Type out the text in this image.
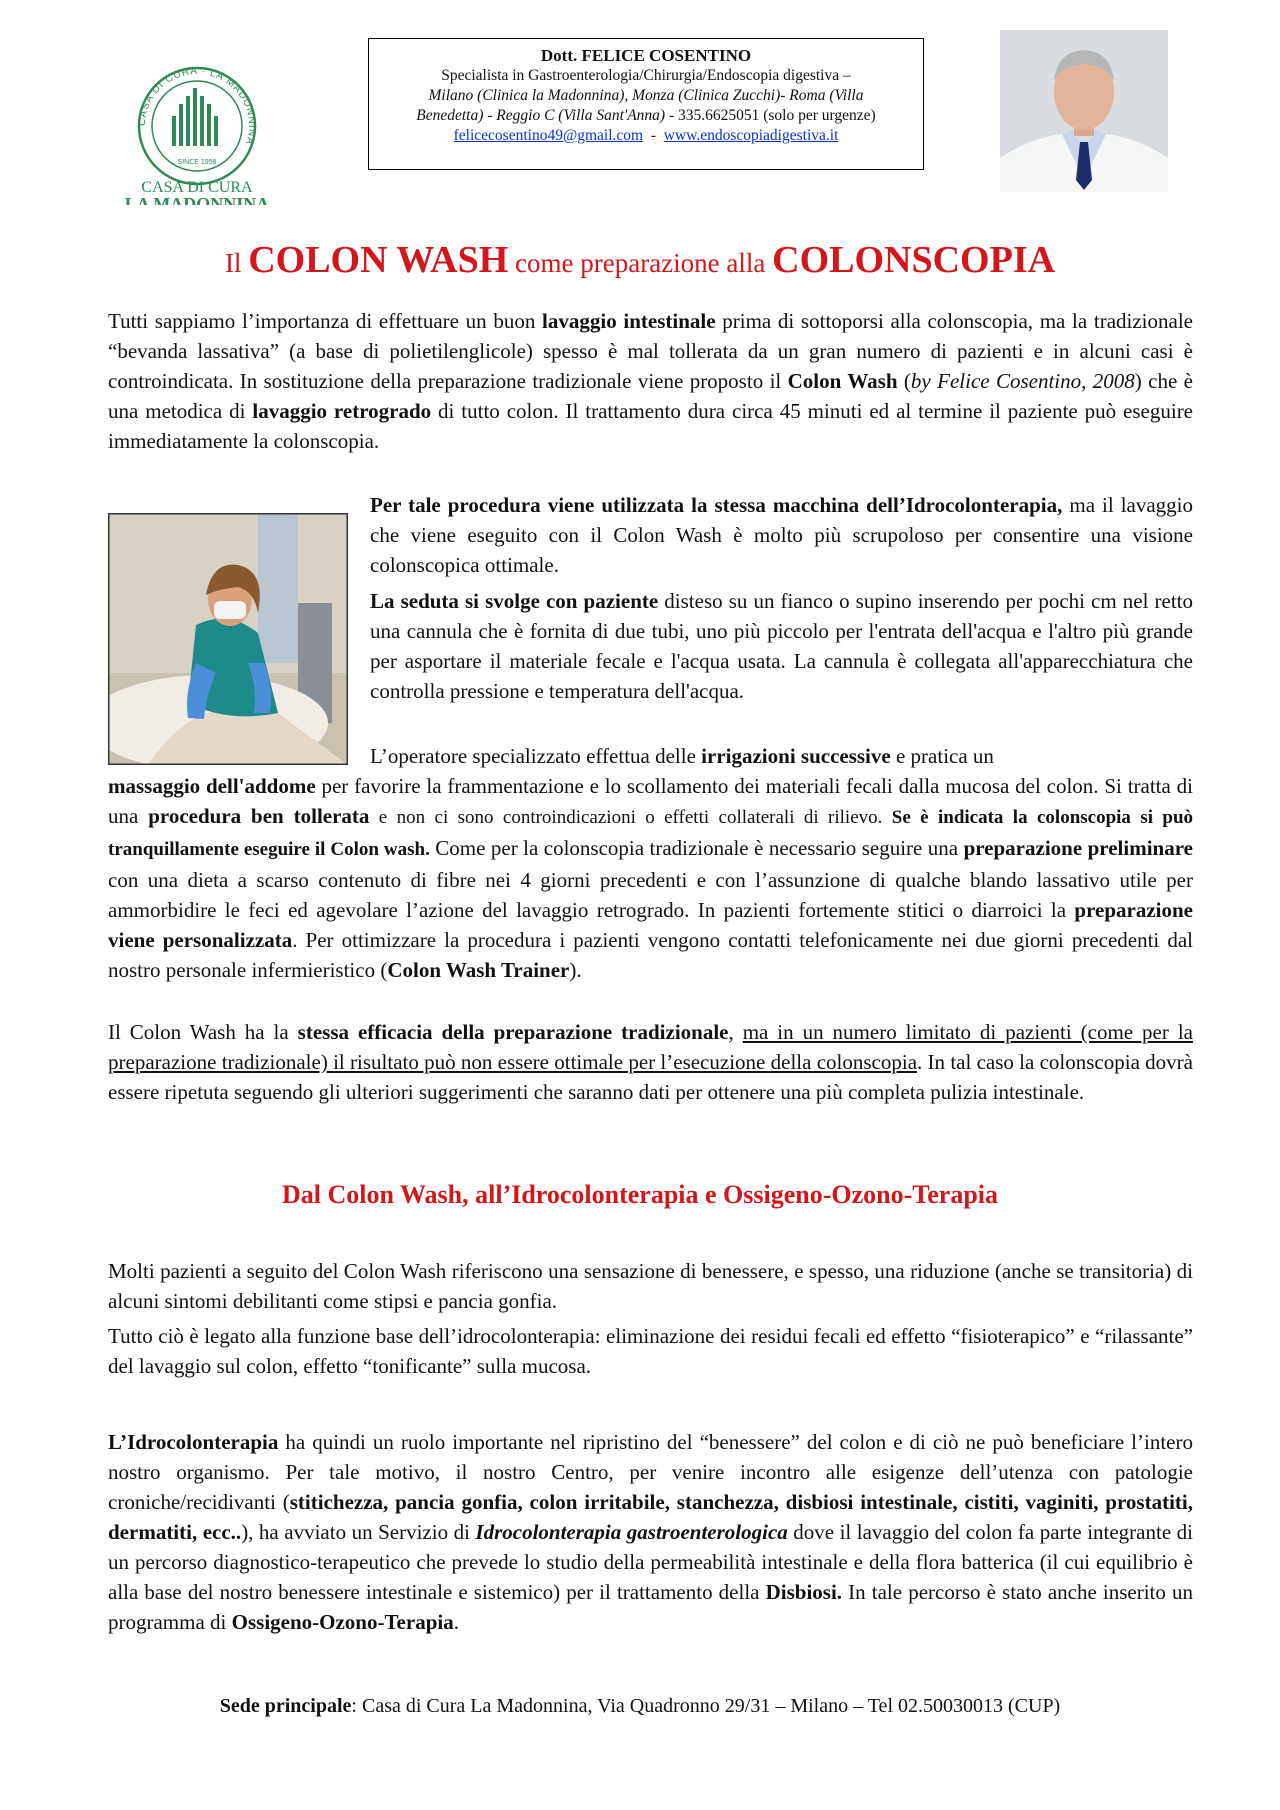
CASA DI CURA · LA MADONNINA
SINCE 1958
CASA DI CURA
LA MADONNINA
Dott. FELICE COSENTINO
Specialista in Gastroenterologia/Chirurgia/Endoscopia digestiva –
Milano (Clinica la Madonnina), Monza (Clinica Zucchi)- Roma (Villa
Benedetta) - Reggio C (Villa Sant'Anna) - 335.6625051 (solo per urgenze)
felicecosentino49@gmail.com  -  www.endoscopiadigestiva.it
Il COLON WASH come preparazione alla COLONSCOPIA
Tutti sappiamo l’importanza di effettuare un buon lavaggio intestinale prima di sottoporsi alla colonscopia, ma la tradizionale “bevanda lassativa” (a base di polietilenglicole) spesso è mal tollerata da un gran numero di pazienti e in alcuni casi è controindicata. In sostituzione della preparazione tradizionale viene proposto il Colon Wash (by Felice Cosentino, 2008) che è una metodica di lavaggio retrogrado di tutto colon. Il trattamento dura circa 45 minuti ed al termine il paziente può eseguire immediatamente la colonscopia.
Per tale procedura viene utilizzata la stessa macchina dell’Idrocolonterapia, ma il lavaggio che viene eseguito con il Colon Wash è molto più scrupoloso per consentire una visione colonscopica ottimale.
La seduta si svolge con paziente disteso su un fianco o supino inserendo per pochi cm nel retto una cannula che è fornita di due tubi, uno più piccolo per l'entrata dell'acqua e l'altro più grande per asportare il materiale fecale e l'acqua usata. La cannula è collegata all'apparecchiatura che controlla pressione e temperatura dell'acqua.
L’operatore specializzato effettua delle irrigazioni successive e pratica un
massaggio dell'addome per favorire la frammentazione e lo scollamento dei materiali fecali dalla mucosa del colon. Si tratta di una procedura ben tollerata e non ci sono controindicazioni o effetti collaterali di rilievo. Se è indicata la colonscopia si può tranquillamente eseguire il Colon wash. Come per la colonscopia tradizionale è necessario seguire una preparazione preliminare con una dieta a scarso contenuto di fibre nei 4 giorni precedenti e con l’assunzione di qualche blando lassativo utile per ammorbidire le feci ed agevolare l’azione del lavaggio retrogrado. In pazienti fortemente stitici o diarroici la preparazione viene personalizzata. Per ottimizzare la procedura i pazienti vengono contatti telefonicamente nei due giorni precedenti dal nostro personale infermieristico (Colon Wash Trainer).
Il Colon Wash ha la stessa efficacia della preparazione tradizionale, ma in un numero limitato di pazienti (come per la preparazione tradizionale) il risultato può non essere ottimale per l’esecuzione della colonscopia. In tal caso la colonscopia dovrà essere ripetuta seguendo gli ulteriori suggerimenti che saranno dati per ottenere una più completa pulizia intestinale.
Dal Colon Wash, all’Idrocolonterapia e Ossigeno-Ozono-Terapia
Molti pazienti a seguito del Colon Wash riferiscono una sensazione di benessere, e spesso, una riduzione (anche se transitoria) di alcuni sintomi debilitanti come stipsi e pancia gonfia.
Tutto ciò è legato alla funzione base dell’idrocolonterapia: eliminazione dei residui fecali ed effetto “fisioterapico” e “rilassante” del lavaggio sul colon, effetto “tonificante” sulla mucosa.
L’Idrocolonterapia ha quindi un ruolo importante nel ripristino del “benessere” del colon e di ciò ne può beneficiare l’intero nostro organismo. Per tale motivo, il nostro Centro, per venire incontro alle esigenze dell’utenza con patologie croniche/recidivanti (stitichezza, pancia gonfia, colon irritabile, stanchezza, disbiosi intestinale, cistiti, vaginiti, prostatiti, dermatiti, ecc..), ha avviato un Servizio di Idrocolonterapia gastroenterologica dove il lavaggio del colon fa parte integrante di un percorso diagnostico-terapeutico che prevede lo studio della permeabilità intestinale e della flora batterica (il cui equilibrio è alla base del nostro benessere intestinale e sistemico) per il trattamento della Disbiosi. In tale percorso è stato anche inserito un programma di Ossigeno-Ozono-Terapia.
Sede principale: Casa di Cura La Madonnina, Via Quadronno 29/31 – Milano – Tel 02.50030013 (CUP)
